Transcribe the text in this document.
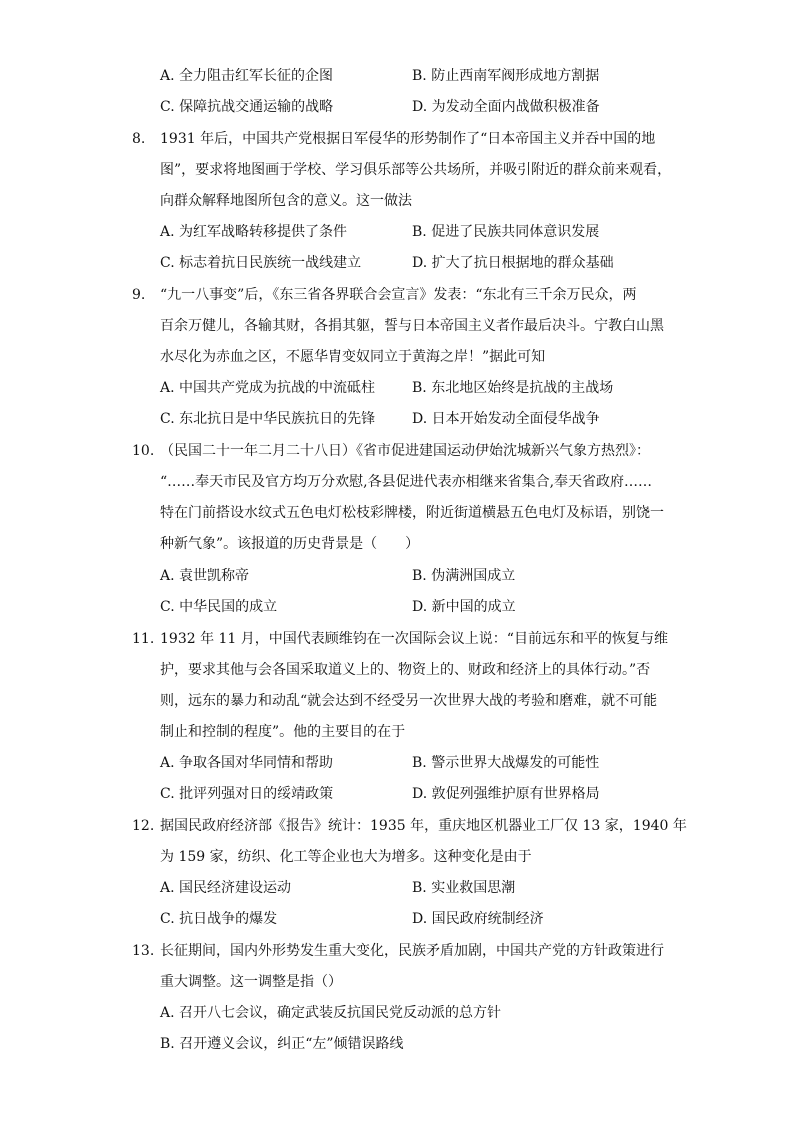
A. 全力阻击红军长征的企图	B. 防止西南军阀形成地方割据
C. 保障抗战交通运输的战略	D. 为发动全面内战做积极准备
8. 1931 年后，中国共产党根据日军侵华的形势制作了“日本帝国主义并吞中国的地
图”，要求将地图画于学校、学习俱乐部等公共场所，并吸引附近的群众前来观看，
向群众解释地图所包含的意义。这一做法
A. 为红军战略转移提供了条件	B. 促进了民族共同体意识发展
C. 标志着抗日民族统一战线建立	D. 扩大了抗日根据地的群众基础
9. “九一八事变”后，《东三省各界联合会宣言》发表：“东北有三千余万民众，两
百余万健儿，各输其财，各捐其躯，誓与日本帝国主义者作最后决斗。宁教白山黑
水尽化为赤血之区，不愿华胄变奴同立于黄海之岸！”据此可知
A. 中国共产党成为抗战的中流砥柱	B. 东北地区始终是抗战的主战场
C. 东北抗日是中华民族抗日的先锋	D. 日本开始发动全面侵华战争
10. （民国二十一年二月二十八日）《省市促进建国运动伊始沈城新兴气象方热烈》：
“……奉天市民及官方均万分欢慰,各县促进代表亦相继来省集合,奉天省政府……
特在门前搭设水纹式五色电灯松枝彩牌楼，附近街道横悬五色电灯及标语，别饶一
种新气象”。该报道的历史背景是（　　）
A. 袁世凯称帝	B. 伪满洲国成立
C. 中华民国的成立	D. 新中国的成立
11. 1932 年 11 月，中国代表顾维钧在一次国际会议上说：“目前远东和平的恢复与维
护，要求其他与会各国采取道义上的、物资上的、财政和经济上的具体行动。”否
则，远东的暴力和动乱“就会达到不经受另一次世界大战的考验和磨难，就不可能
制止和控制的程度”。他的主要目的在于
A. 争取各国对华同情和帮助	B. 警示世界大战爆发的可能性
C. 批评列强对日的绥靖政策	D. 敦促列强维护原有世界格局
12. 据国民政府经济部《报告》统计：1935 年，重庆地区机器业工厂仅 13 家，1940 年
为 159 家，纺织、化工等企业也大为增多。这种变化是由于
A. 国民经济建设运动	B. 实业救国思潮
C. 抗日战争的爆发	D. 国民政府统制经济
13. 长征期间，国内外形势发生重大变化，民族矛盾加剧，中国共产党的方针政策进行
重大调整。这一调整是指（）
A. 召开八七会议，确定武装反抗国民党反动派的总方针
B. 召开遵义会议，纠正“左”倾错误路线
